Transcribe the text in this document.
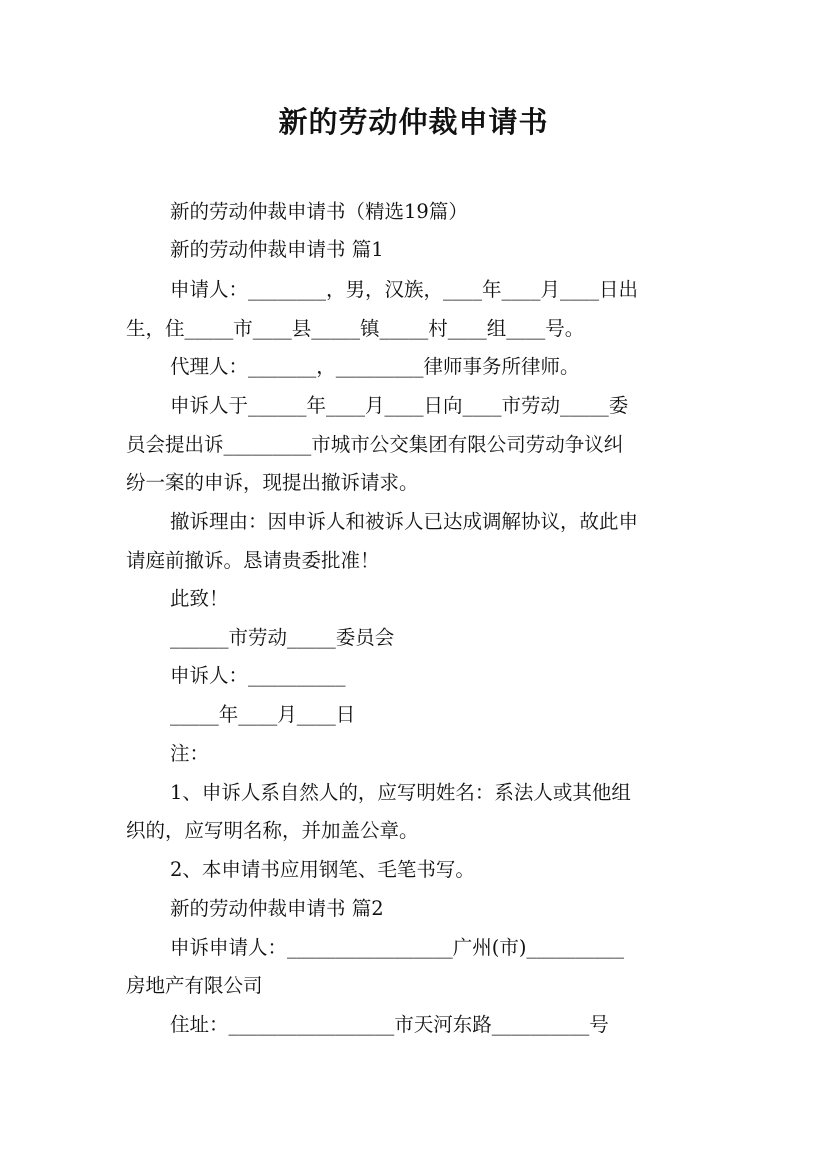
新的劳动仲裁申请书
新的劳动仲裁申请书（精选19篇）
新的劳动仲裁申请书 篇1
申请人：________，男，汉族，____年____月____日出
生，住_____市____县_____镇_____村____组____号。
代理人：_______，_________律师事务所律师。
申诉人于______年____月____日向____市劳动_____委
员会提出诉_________市城市公交集团有限公司劳动争议纠
纷一案的申诉，现提出撤诉请求。
撤诉理由：因申诉人和被诉人已达成调解协议，故此申
请庭前撤诉。恳请贵委批准！
此致！
______市劳动_____委员会
申诉人：__________
_____年____月____日
注：
1、申诉人系自然人的，应写明姓名：系法人或其他组
织的，应写明名称，并加盖公章。
2、本申请书应用钢笔、毛笔书写。
新的劳动仲裁申请书 篇2
申诉申请人：_________________广州(市)__________
房地产有限公司
住址：_________________市天河东路__________号
